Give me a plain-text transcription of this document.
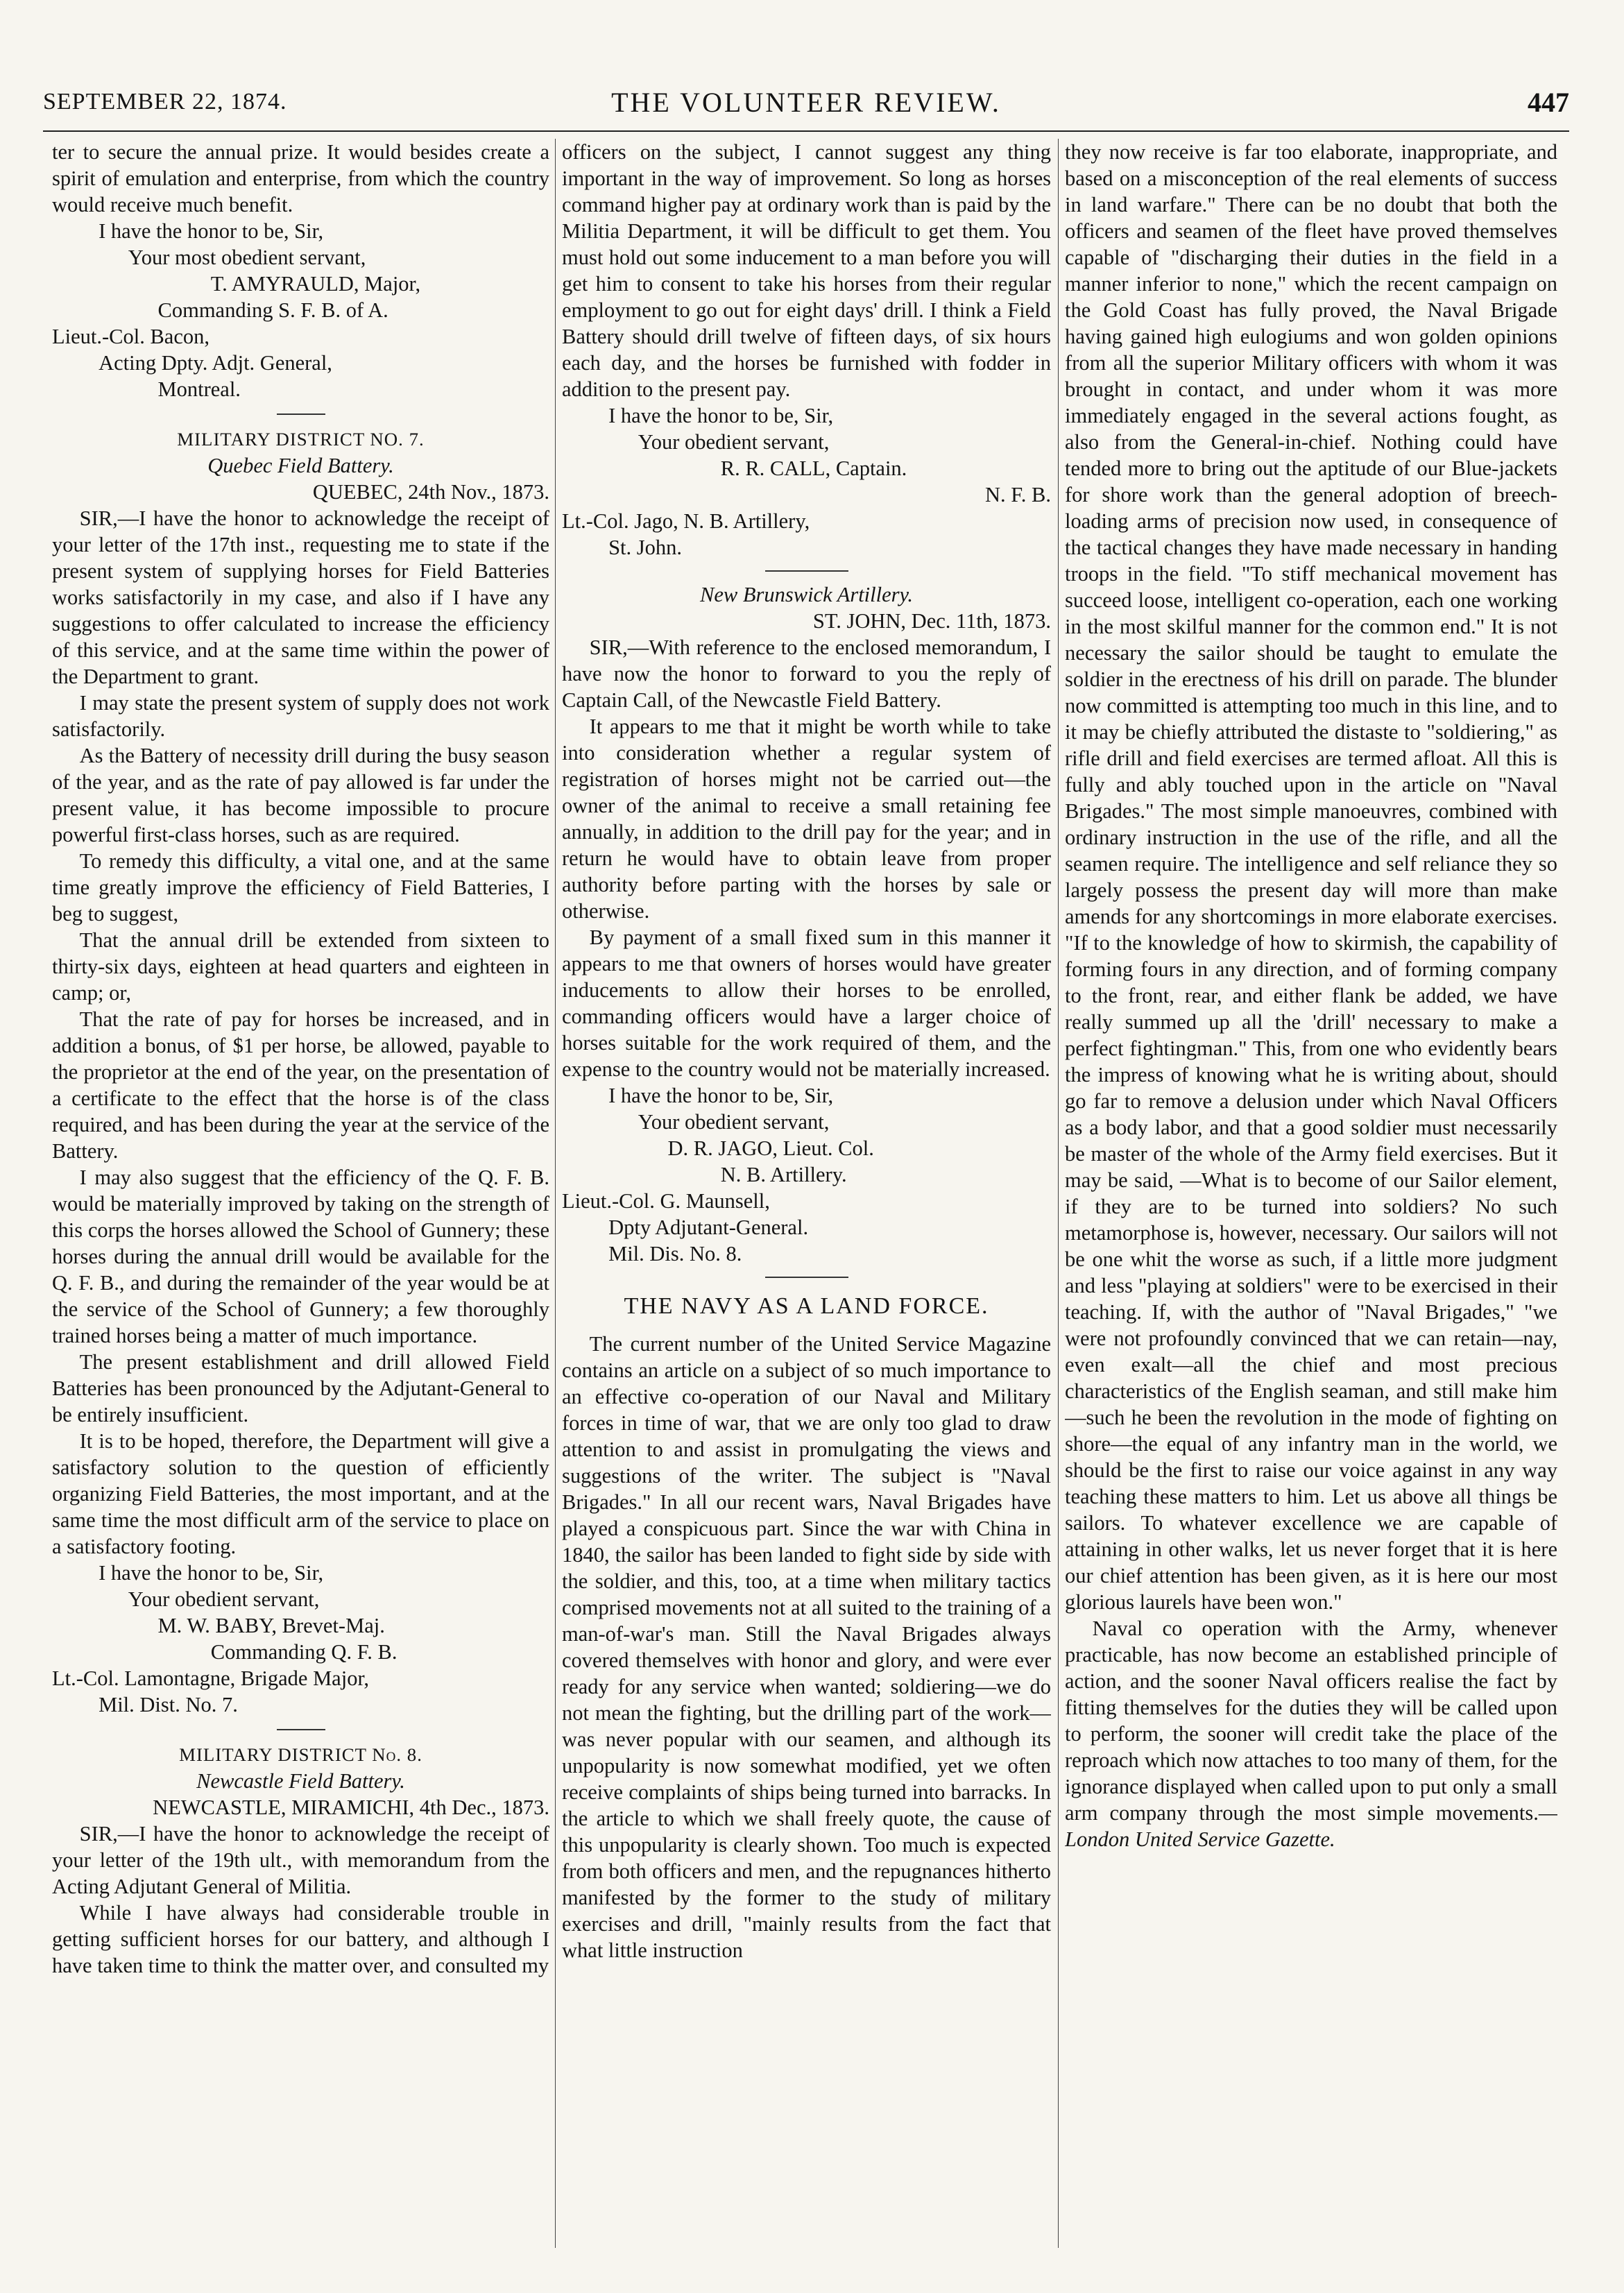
SEPTEMBER 22, 1874.	THE VOLUNTEER REVIEW.	447

ter to secure the annual prize. It would besides create a spirit of emulation and enterprise, from which the country would receive much benefit.

I have the honor to be, Sir,

Your most obedient servant,

T. AMYRAULD, Major,

Commanding S. F. B. of A.

Lieut.-Col. Bacon,

Acting Dpty. Adjt. General,

Montreal.

MILITARY DISTRICT NO. 7.

Quebec Field Battery.

QUEBEC, 24th Nov., 1873.

SIR,—I have the honor to acknowledge the receipt of your letter of the 17th inst., requesting me to state if the present system of supplying horses for Field Batteries works satisfactorily in my case, and also if I have any suggestions to offer calculated to increase the efficiency of this service, and at the same time within the power of the Department to grant.

I may state the present system of supply does not work satisfactorily.

As the Battery of necessity drill during the busy season of the year, and as the rate of pay allowed is far under the present value, it has become impossible to procure powerful first-class horses, such as are required.

To remedy this difficulty, a vital one, and at the same time greatly improve the efficiency of Field Batteries, I beg to suggest,

That the annual drill be extended from sixteen to thirty-six days, eighteen at head quarters and eighteen in camp; or,

That the rate of pay for horses be increased, and in addition a bonus, of $1 per horse, be allowed, payable to the proprietor at the end of the year, on the presentation of a certificate to the effect that the horse is of the class required, and has been during the year at the service of the Battery.

I may also suggest that the efficiency of the Q. F. B. would be materially improved by taking on the strength of this corps the horses allowed the School of Gunnery; these horses during the annual drill would be available for the Q. F. B., and during the remainder of the year would be at the service of the School of Gunnery; a few thoroughly trained horses being a matter of much importance.

The present establishment and drill allowed Field Batteries has been pronounced by the Adjutant-General to be entirely insufficient.

It is to be hoped, therefore, the Department will give a satisfactory solution to the question of efficiently organizing Field Batteries, the most important, and at the same time the most difficult arm of the service to place on a satisfactory footing.

I have the honor to be, Sir,

Your obedient servant,

M. W. BABY, Brevet-Maj.

Commanding Q. F. B.

Lt.-Col. Lamontagne, Brigade Major,

Mil. Dist. No. 7.

MILITARY DISTRICT No. 8.

Newcastle Field Battery.

NEWCASTLE, MIRAMICHI, 4th Dec., 1873.

SIR,—I have the honor to acknowledge the receipt of your letter of the 19th ult., with memorandum from the Acting Adjutant General of Militia.

While I have always had considerable trouble in getting sufficient horses for our battery, and although I have taken time to think the matter over, and consulted my

officers on the subject, I cannot suggest any thing important in the way of improvement. So long as horses command higher pay at ordinary work than is paid by the Militia Department, it will be difficult to get them. You must hold out some inducement to a man before you will get him to consent to take his horses from their regular employment to go out for eight days' drill. I think a Field Battery should drill twelve of fifteen days, of six hours each day, and the horses be furnished with fodder in addition to the present pay.

I have the honor to be, Sir,

Your obedient servant,

R. R. CALL, Captain.

N. F. B.

Lt.-Col. Jago, N. B. Artillery,

St. John.

New Brunswick Artillery.

ST. JOHN, Dec. 11th, 1873.

SIR,—With reference to the enclosed memorandum, I have now the honor to forward to you the reply of Captain Call, of the Newcastle Field Battery.

It appears to me that it might be worth while to take into consideration whether a regular system of registration of horses might not be carried out—the owner of the animal to receive a small retaining fee annually, in addition to the drill pay for the year; and in return he would have to obtain leave from proper authority before parting with the horses by sale or otherwise.

By payment of a small fixed sum in this manner it appears to me that owners of horses would have greater inducements to allow their horses to be enrolled, commanding officers would have a larger choice of horses suitable for the work required of them, and the expense to the country would not be materially increased.

I have the honor to be, Sir,

Your obedient servant,

D. R. JAGO, Lieut. Col.

N. B. Artillery.

Lieut.-Col. G. Maunsell,

Dpty Adjutant-General.

Mil. Dis. No. 8.

THE NAVY AS A LAND FORCE.

The current number of the United Service Magazine contains an article on a subject of so much importance to an effective co-operation of our Naval and Military forces in time of war, that we are only too glad to draw attention to and assist in promulgating the views and suggestions of the writer. The subject is "Naval Brigades." In all our recent wars, Naval Brigades have played a conspicuous part. Since the war with China in 1840, the sailor has been landed to fight side by side with the soldier, and this, too, at a time when military tactics comprised movements not at all suited to the training of a man-of-war's man. Still the Naval Brigades always covered themselves with honor and glory, and were ever ready for any service when wanted; soldiering—we do not mean the fighting, but the drilling part of the work—was never popular with our seamen, and although its unpopularity is now somewhat modified, yet we often receive complaints of ships being turned into barracks. In the article to which we shall freely quote, the cause of this unpopularity is clearly shown. Too much is expected from both officers and men, and the repugnances hitherto manifested by the former to the study of military exercises and drill, "mainly results from the fact that what little instruction

they now receive is far too elaborate, inappropriate, and based on a misconception of the real elements of success in land warfare." There can be no doubt that both the officers and seamen of the fleet have proved themselves capable of "discharging their duties in the field in a manner inferior to none," which the recent campaign on the Gold Coast has fully proved, the Naval Brigade having gained high eulogiums and won golden opinions from all the superior Military officers with whom it was brought in contact, and under whom it was more immediately engaged in the several actions fought, as also from the General-in-chief. Nothing could have tended more to bring out the aptitude of our Blue-jackets for shore work than the general adoption of breech-loading arms of precision now used, in consequence of the tactical changes they have made necessary in handing troops in the field. "To stiff mechanical movement has succeed loose, intelligent co-operation, each one working in the most skilful manner for the common end." It is not necessary the sailor should be taught to emulate the soldier in the erectness of his drill on parade. The blunder now committed is attempting too much in this line, and to it may be chiefly attributed the distaste to "soldiering," as rifle drill and field exercises are termed afloat. All this is fully and ably touched upon in the article on "Naval Brigades." The most simple manoeuvres, combined with ordinary instruction in the use of the rifle, and all the seamen require. The intelligence and self reliance they so largely possess the present day will more than make amends for any shortcomings in more elaborate exercises. "If to the knowledge of how to skirmish, the capability of forming fours in any direction, and of forming company to the front, rear, and either flank be added, we have really summed up all the 'drill' necessary to make a perfect fightingman." This, from one who evidently bears the impress of knowing what he is writing about, should go far to remove a delusion under which Naval Officers as a body labor, and that a good soldier must necessarily be master of the whole of the Army field exercises. But it may be said, —What is to become of our Sailor element, if they are to be turned into soldiers? No such metamorphose is, however, necessary. Our sailors will not be one whit the worse as such, if a little more judgment and less "playing at soldiers" were to be exercised in their teaching. If, with the author of "Naval Brigades," "we were not profoundly convinced that we can retain—nay, even exalt—all the chief and most precious characteristics of the English seaman, and still make him—such he been the revolution in the mode of fighting on shore—the equal of any infantry man in the world, we should be the first to raise our voice against in any way teaching these matters to him. Let us above all things be sailors. To whatever excellence we are capable of attaining in other walks, let us never forget that it is here our chief attention has been given, as it is here our most glorious laurels have been won."

Naval co operation with the Army, whenever practicable, has now become an established principle of action, and the sooner Naval officers realise the fact by fitting themselves for the duties they will be called upon to perform, the sooner will credit take the place of the reproach which now attaches to too many of them, for the ignorance displayed when called upon to put only a small arm company through the most simple movements.—London United Service Gazette.
